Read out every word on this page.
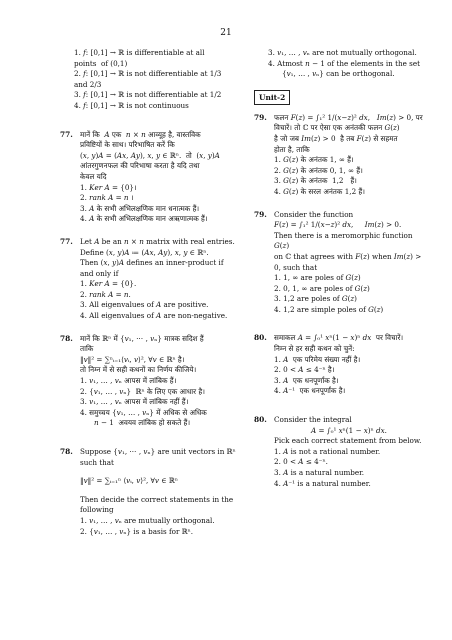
21

1. 𝑓: [0,1] → ℝ is differentiable at all

points  of (0,1)

2. 𝑓: [0,1] → ℝ is not differentiable at 1/3

and 2/3

3. 𝑓: [0,1] → ℝ is not differentiable at 1/2

4. 𝑓: [0,1] → ℝ is not continuous

77. मानें कि  𝐴 एक  𝑛 × 𝑛 आव्यूह है, वास्तविक

प्रविष्टियों के साथ। परिभाषित करें कि

(𝑥, 𝑦)𝐴 = (𝐴𝑥, 𝐴𝑦), 𝑥, 𝑦 ∈ ℝⁿ.  तो  (𝑥, 𝑦)𝐴

आंतरगुणनफल की परिभाषा करता है यदि तथा

केवल यदि

1. 𝐾𝑒𝑟 𝐴 = {0}।

2. 𝑟𝑎𝑛𝑘 𝐴 = 𝑛 ।

3. 𝐴 के सभी अभिलक्षणिक मान धनात्मक हैं।

4. 𝐴 के सभी अभिलक्षणिक मान अऋणात्मक हैं।

77. Let 𝐴 be an 𝑛 × 𝑛 matrix with real entries.

Define (𝑥, 𝑦)𝐴 ≔ (𝐴𝑥, 𝐴𝑦), 𝑥, 𝑦 ∈ ℝⁿ.

Then (𝑥, 𝑦)𝐴 defines an inner-product if

and only if

1. 𝐾𝑒𝑟 𝐴 = {0}.

2. 𝑟𝑎𝑛𝑘 𝐴 = 𝑛.

3. All eigenvalues of 𝐴 are positive.

4. All eigenvalues of 𝐴 are non-negative.

78. मानें कि ℝⁿ में {𝑣₁, ⋯ , 𝑣ₙ} मात्रक सदिश हैं

ताकि

‖𝑣‖² = ∑ⁿᵢ₌₁⟨𝑣ᵢ, 𝑣⟩², ∀𝑣 ∈ ℝⁿ है।

तो निम्न में से सही कथनों का निर्णय कीजिये।

1. 𝑣₁, … , 𝑣ₙ आपस में लांबिक हैं।

2. {𝑣₁, … , 𝑣ₙ}  ℝⁿ के लिए एक आधार है।

3. 𝑣₁, … , 𝑣ₙ आपस में लांबिक नहीं हैं।

4. समुच्चय {𝑣₁, … , 𝑣ₙ} में अधिक से अधिक

𝑛 − 1  अवयव लांबिक हो सकते हैं।

78. Suppose {𝑣₁, ⋯ , 𝑣ₙ} are unit vectors in ℝⁿ

such that

‖𝑣‖² = ∑ᵢ₌₁ⁿ ⟨𝑣ᵢ, 𝑣⟩², ∀𝑣 ∈ ℝⁿ

Then decide the correct statements in the

following

1. 𝑣₁, … , 𝑣ₙ are mutually orthogonal.

2. {𝑣₁, … , 𝑣ₙ} is a basis for ℝⁿ.

3. 𝑣₁, … , 𝑣ₙ are not mutually orthogonal.

4. Atmost 𝑛 − 1 of the elements in the set

{𝑣₁, … , 𝑣ₙ} can be orthogonal.

Unit-2
79. फलन 𝐹(𝑧) = ∫₁² 1/(𝑥−𝑧)² 𝑑𝑥,   𝐼𝑚(𝑧) > 0, पर

विचारें। तो ℂ पर ऐसा एक अनंतकी फलन 𝐺(𝑧)

है जो जब 𝐼𝑚(𝑧) > 0  है तब 𝐹(𝑧) से सहमत

होता है, ताकि

1. 𝐺(𝑧) के अनंतक 1, ∞ हैं।

2. 𝐺(𝑧) के अनंतक 0, 1, ∞ हैं।

3. 𝐺(𝑧) के अनंतक  1,2   हैं।

4. 𝐺(𝑧) के सरल अनंतक 1,2 हैं।

79. Consider the function

𝐹(𝑧) = ∫₁² 1/(𝑥−𝑧)² 𝑑𝑥,     𝐼𝑚(𝑧) > 0.

Then there is a meromorphic function 𝐺(𝑧)

on ℂ that agrees with 𝐹(𝑧) when 𝐼𝑚(𝑧) >

0, such that

1. 1, ∞ are poles of 𝐺(𝑧)

2. 0, 1, ∞ are poles of 𝐺(𝑧)

3. 1,2 are poles of 𝐺(𝑧)

4. 1,2 are simple poles of 𝐺(𝑧)

80. समाकल 𝐴 = ∫₀¹ 𝑥ⁿ(1 − 𝑥)ⁿ 𝑑𝑥  पर विचारें।

निम्न से हर सही कथन को चुनें:

1. 𝐴  एक परिमेय संख्या नहीं है।

2. 0 < 𝐴 ≤ 4⁻ⁿ है।

3. 𝐴  एक धनपूर्णांक है।

4. 𝐴⁻¹  एक धनपूर्णांक है।

80. Consider the integral

𝐴 = ∫₀¹ 𝑥ⁿ(1 − 𝑥)ⁿ 𝑑𝑥.

Pick each correct statement from below.

1. 𝐴 is not a rational number.

2. 0 < 𝐴 ≤ 4⁻ⁿ.

3. 𝐴 is a natural number.

4. 𝐴⁻¹ is a natural number.
